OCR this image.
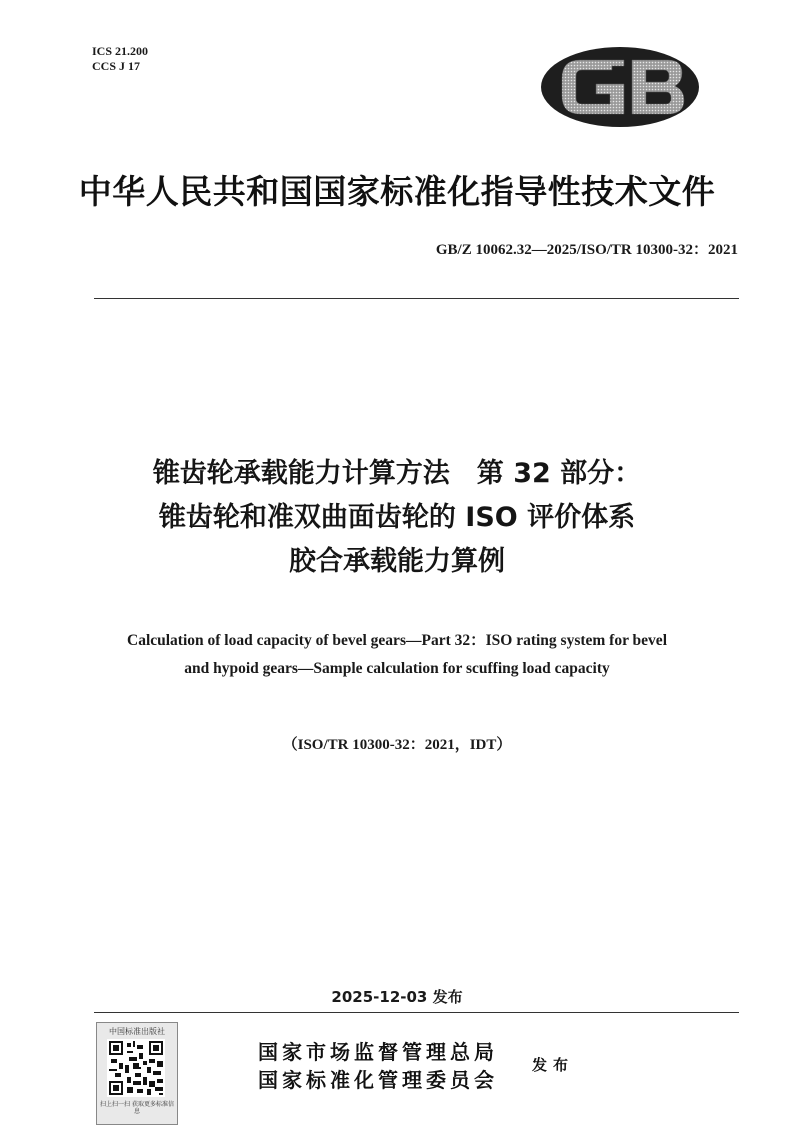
ICS 21.200
CCS J 17
中华人民共和国国家标准化指导性技术文件
GB/Z 10062.32—2025/ISO/TR 10300-32：2021
锥齿轮承载能力计算方法　第 32 部分：
锥齿轮和准双曲面齿轮的 ISO 评价体系
胶合承载能力算例
Calculation of load capacity of bevel gears—Part 32：ISO rating system for bevel
and hypoid gears—Sample calculation for scuffing load capacity
（ISO/TR 10300-32：2021，IDT）
2025-12-03 发布
中国标准出版社
扫上扫一扫 获取更多标准信息
国家市场监督管理总局
国家标准化管理委员会
发布
